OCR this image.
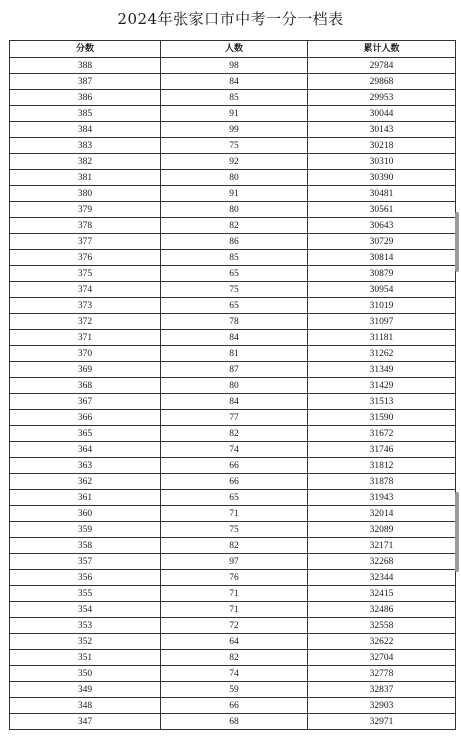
2024年张家口市中考一分一档表
分数	人数	累计人数
388	98	29784
387	84	29868
386	85	29953
385	91	30044
384	99	30143
383	75	30218
382	92	30310
381	80	30390
380	91	30481
379	80	30561
378	82	30643
377	86	30729
376	85	30814
375	65	30879
374	75	30954
373	65	31019
372	78	31097
371	84	31181
370	81	31262
369	87	31349
368	80	31429
367	84	31513
366	77	31590
365	82	31672
364	74	31746
363	66	31812
362	66	31878
361	65	31943
360	71	32014
359	75	32089
358	82	32171
357	97	32268
356	76	32344
355	71	32415
354	71	32486
353	72	32558
352	64	32622
351	82	32704
350	74	32778
349	59	32837
348	66	32903
347	68	32971
